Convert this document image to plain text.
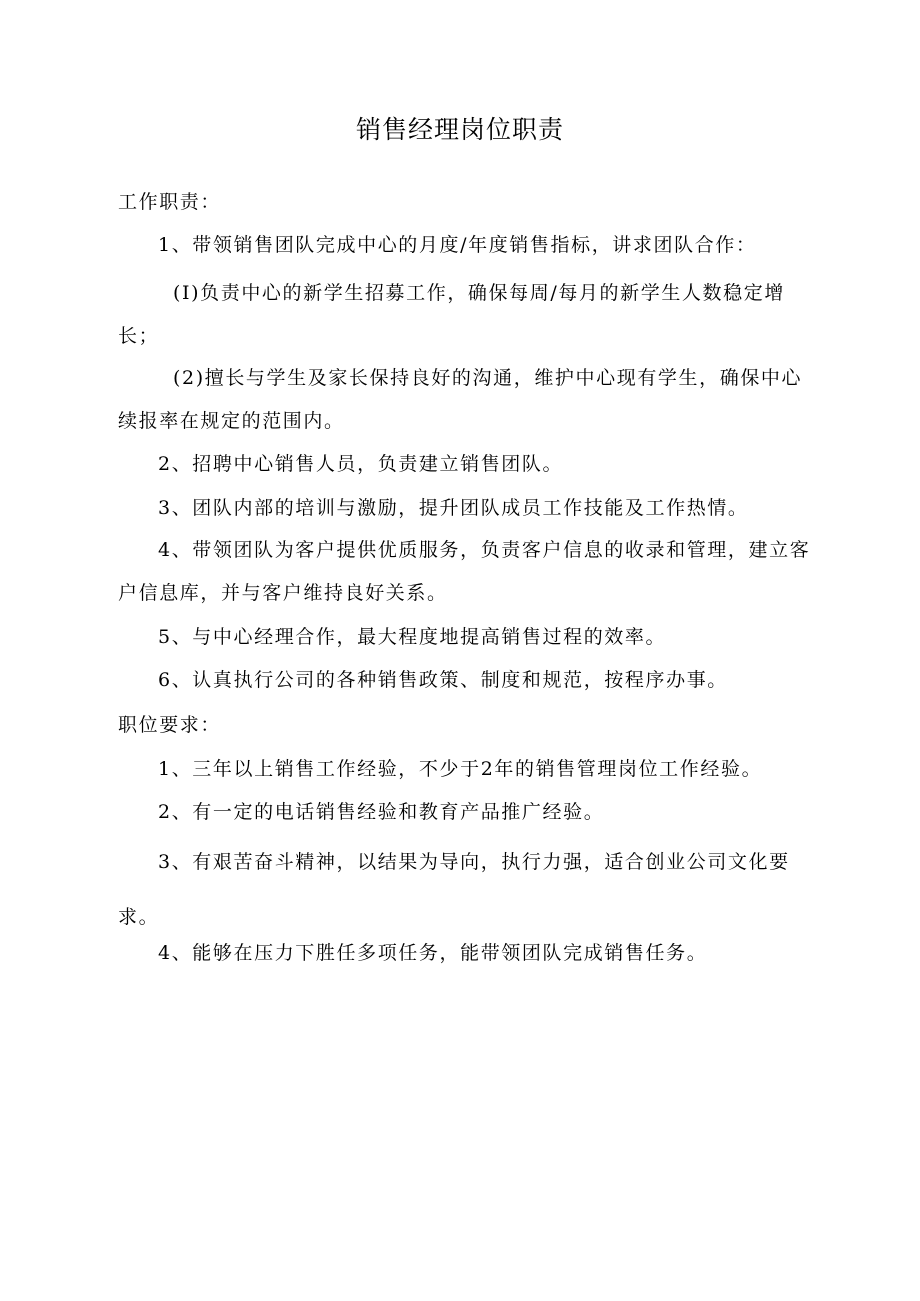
销售经理岗位职责

工作职责：

1、带领销售团队完成中心的月度/年度销售指标，讲求团队合作：

(I)负责中心的新学生招募工作，确保每周/每月的新学生人数稳定增长；

(2)擅长与学生及家长保持良好的沟通，维护中心现有学生，确保中心续报率在规定的范围内。

2、招聘中心销售人员，负责建立销售团队。

3、团队内部的培训与激励，提升团队成员工作技能及工作热情。

4、带领团队为客户提供优质服务，负责客户信息的收录和管理，建立客户信息库，并与客户维持良好关系。

5、与中心经理合作，最大程度地提高销售过程的效率。

6、认真执行公司的各种销售政策、制度和规范，按程序办事。

职位要求：

1、三年以上销售工作经验，不少于2年的销售管理岗位工作经验。

2、有一定的电话销售经验和教育产品推广经验。

3、有艰苦奋斗精神，以结果为导向，执行力强，适合创业公司文化要求。

4、能够在压力下胜任多项任务，能带领团队完成销售任务。
